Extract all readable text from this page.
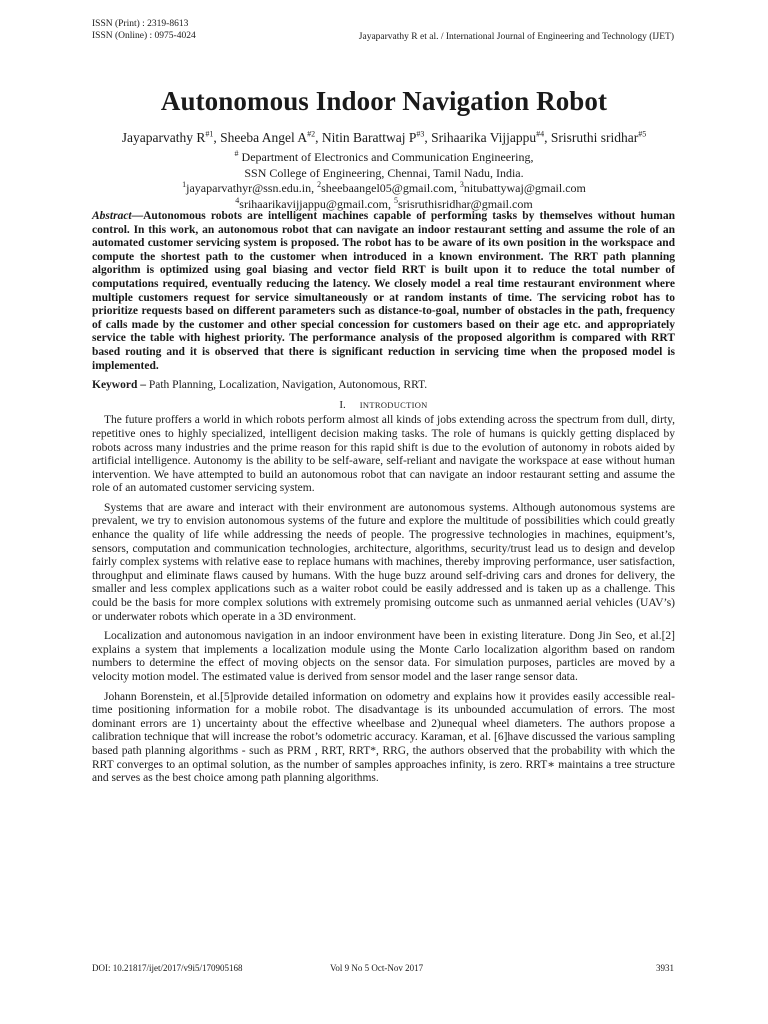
ISSN (Print) : 2319-8613
ISSN (Online) : 0975-4024	Jayaparvathy R et al. / International Journal of Engineering and Technology (IJET)
Autonomous Indoor Navigation Robot
Jayaparvathy $R^{\#1}$, Sheeba Angel $A^{\#2}$, Nitin Barattwaj $P^{\#3}$, Srihaarika Vijjappu$^{\#4}$, Srisruthi sridhar$^{\#5}$
# Department of Electronics and Communication Engineering,
SSN College of Engineering, Chennai, Tamil Nadu, India.
$^1$jayaparvathyr@ssn.edu.in, $^2$sheebaangel05@gmail.com, $^3$nitubattywaj@gmail.com
$^4$srihaarikavijjappu@gmail.com, $^5$srisruthisridhar@gmail.com

Abstract—Autonomous robots are intelligent machines capable of performing tasks by themselves without human control. In this work, an autonomous robot that can navigate an indoor restaurant setting and assume the role of an automated customer servicing system is proposed. The robot has to be aware of its own position in the workspace and compute the shortest path to the customer when introduced in a known environment. The RRT path planning algorithm is optimized using goal biasing and vector field RRT is built upon it to reduce the total number of computations required, eventually reducing the latency. We closely model a real time restaurant environment where multiple customers request for service simultaneously or at random instants of time. The servicing robot has to prioritize requests based on different parameters such as distance-to-goal, number of obstacles in the path, frequency of calls made by the customer and other special concession for customers based on their age etc. and appropriately service the table with highest priority. The performance analysis of the proposed algorithm is compared with RRT based routing and it is observed that there is significant reduction in servicing time when the proposed model is implemented.

Keyword – Path Planning, Localization, Navigation, Autonomous, RRT.

I. INTRODUCTION

The future proffers a world in which robots perform almost all kinds of jobs extending across the spectrum from dull, dirty, repetitive ones to highly specialized, intelligent decision making tasks. The role of humans is quickly getting displaced by robots across many industries and the prime reason for this rapid shift is due to the evolution of autonomy in robots aided by artificial intelligence. Autonomy is the ability to be self-aware, self-reliant and navigate the workspace at ease without human intervention. We have attempted to build an autonomous robot that can navigate an indoor restaurant setting and assume the role of an automated customer servicing system.

Systems that are aware and interact with their environment are autonomous systems. Although autonomous systems are prevalent, we try to envision autonomous systems of the future and explore the multitude of possibilities which could greatly enhance the quality of life while addressing the needs of people. The progressive technologies in machines, equipment’s, sensors, computation and communication technologies, architecture, algorithms, security/trust lead us to design and develop fairly complex systems with relative ease to replace humans with machines, thereby improving performance, user satisfaction, throughput and eliminate flaws caused by humans. With the huge buzz around self-driving cars and drones for delivery, the smaller and less complex applications such as a waiter robot could be easily addressed and is taken up as a challenge. This could be the basis for more complex solutions with extremely promising outcome such as unmanned aerial vehicles (UAV’s) or underwater robots which operate in a 3D environment.

Localization and autonomous navigation in an indoor environment have been in existing literature. Dong Jin Seo, et al.[2] explains a system that implements a localization module using the Monte Carlo localization algorithm based on random numbers to determine the effect of moving objects on the sensor data. For simulation purposes, particles are moved by a velocity motion model. The estimated value is derived from sensor model and the laser range sensor data.

Johann Borenstein, et al.[5]provide detailed information on odometry and explains how it provides easily accessible real-time positioning information for a mobile robot. The disadvantage is its unbounded accumulation of errors. The most dominant errors are 1) uncertainty about the effective wheelbase and 2)unequal wheel diameters. The authors propose a calibration technique that will increase the robot’s odometric accuracy. Karaman, et al. [6]have discussed the various sampling based path planning algorithms - such as PRM , RRT, RRT*, RRG, the authors observed that the probability with which the RRT converges to an optimal solution, as the number of samples approaches infinity, is zero. RRT∗ maintains a tree structure and serves as the best choice among path planning algorithms.

DOI: 10.21817/ijet/2017/v9i5/170905168	Vol 9 No 5 Oct-Nov 2017	3931
